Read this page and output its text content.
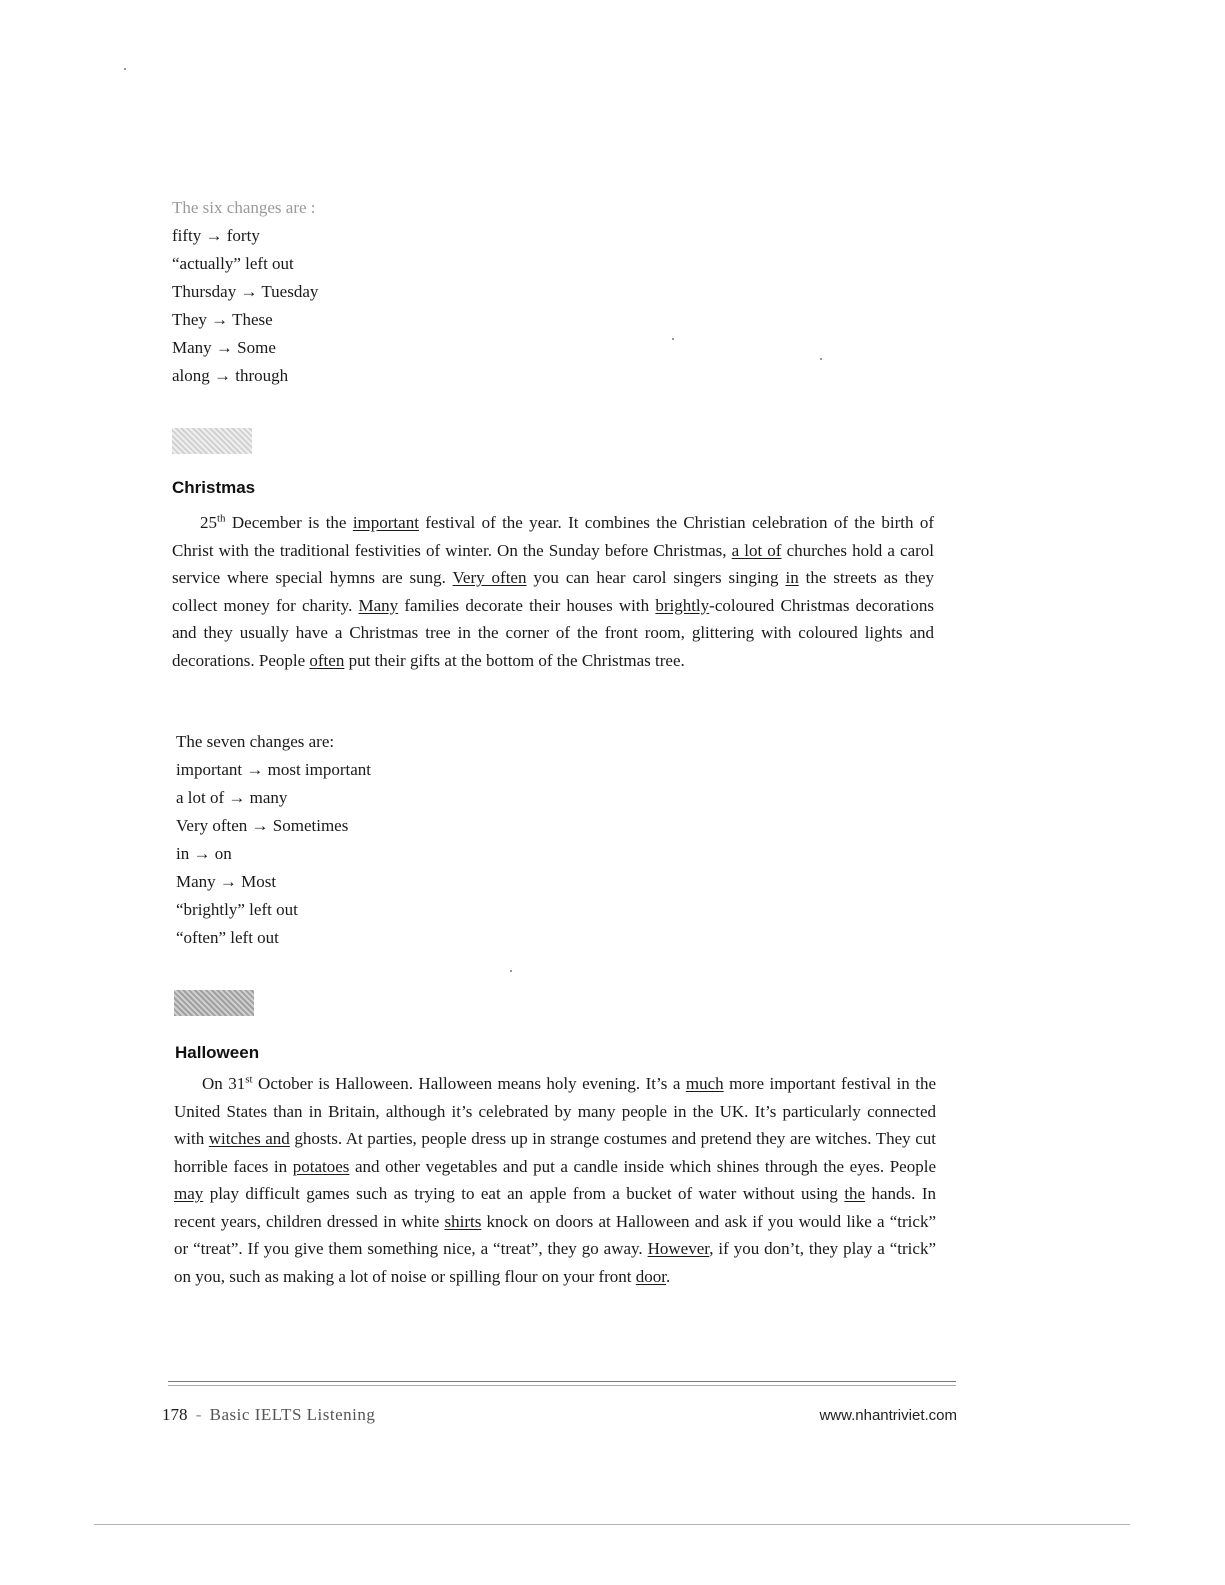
The six changes are :
fifty → forty
“actually” left out
Thursday → Tuesday
They → These
Many → Some
along → through
Christmas
25th December is the important festival of the year. It combines the Christian celebration of the birth of Christ with the traditional festivities of winter. On the Sunday before Christmas, a lot of churches hold a carol service where special hymns are sung. Very often you can hear carol singers singing in the streets as they collect money for charity. Many families decorate their houses with brightly-coloured Christmas decorations and they usually have a Christmas tree in the corner of the front room, glittering with coloured lights and decorations. People often put their gifts at the bottom of the Christmas tree.
The seven changes are:
important → most important
a lot of → many
Very often → Sometimes
in → on
Many → Most
“brightly” left out
“often” left out
Halloween
On 31st October is Halloween. Halloween means holy evening. It’s a much more important festival in the United States than in Britain, although it’s celebrated by many people in the UK. It’s particularly connected with witches and ghosts. At parties, people dress up in strange costumes and pretend they are witches. They cut horrible faces in potatoes and other vegetables and put a candle inside which shines through the eyes. People may play difficult games such as trying to eat an apple from a bucket of water without using the hands. In recent years, children dressed in white shirts knock on doors at Halloween and ask if you would like a “trick” or “treat”. If you give them something nice, a “treat”, they go away. However, if you don’t, they play a “trick” on you, such as making a lot of noise or spilling flour on your front door.
178 - Basic IELTS Listening	www.nhantriviet.com
